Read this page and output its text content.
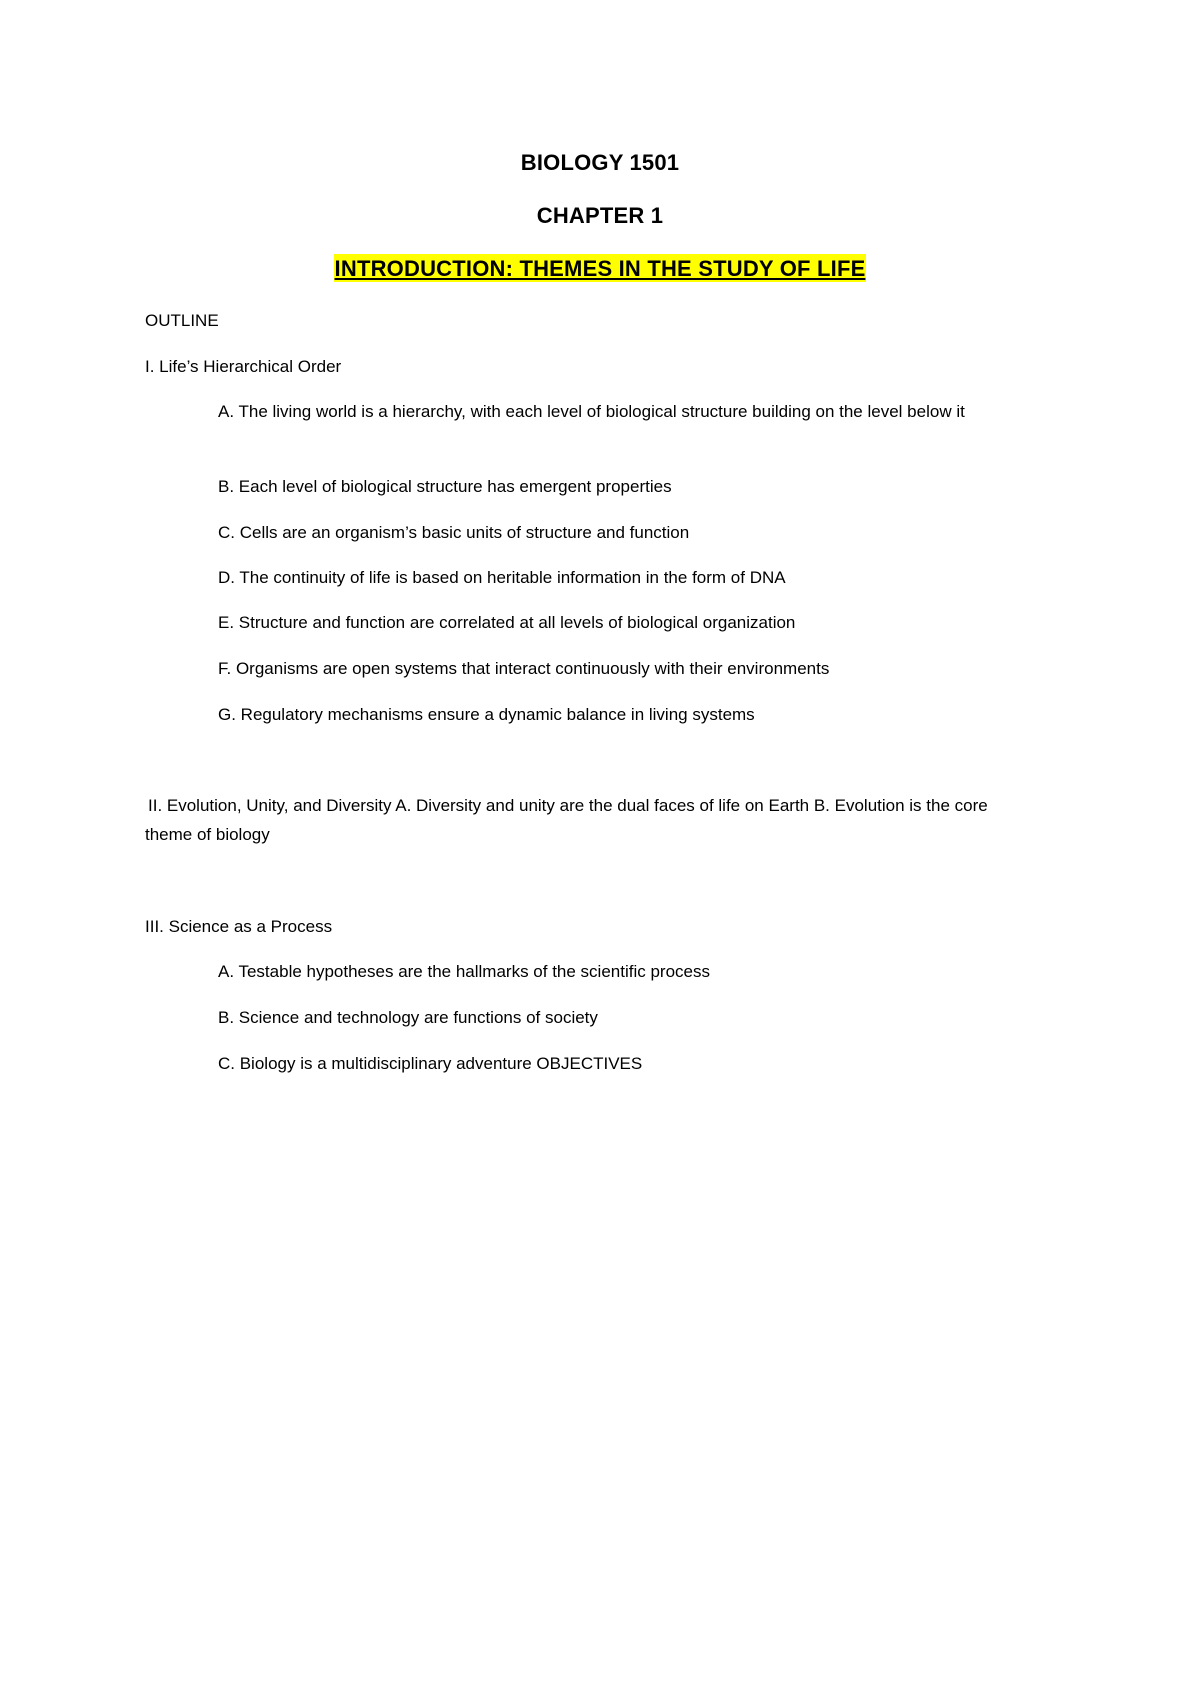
BIOLOGY 1501
CHAPTER 1
INTRODUCTION: THEMES IN THE STUDY OF LIFE
OUTLINE
I. Life’s Hierarchical Order
A. The living world is a hierarchy, with each level of biological structure building on the level below it
B. Each level of biological structure has emergent properties
C. Cells are an organism’s basic units of structure and function
D. The continuity of life is based on heritable information in the form of DNA
E. Structure and function are correlated at all levels of biological organization
F. Organisms are open systems that interact continuously with their environments
G. Regulatory mechanisms ensure a dynamic balance in living systems
II. Evolution, Unity, and Diversity A. Diversity and unity are the dual faces of life on Earth B. Evolution is the core theme of biology
III. Science as a Process
A. Testable hypotheses are the hallmarks of the scientific process
B. Science and technology are functions of society
C. Biology is a multidisciplinary adventure OBJECTIVES
